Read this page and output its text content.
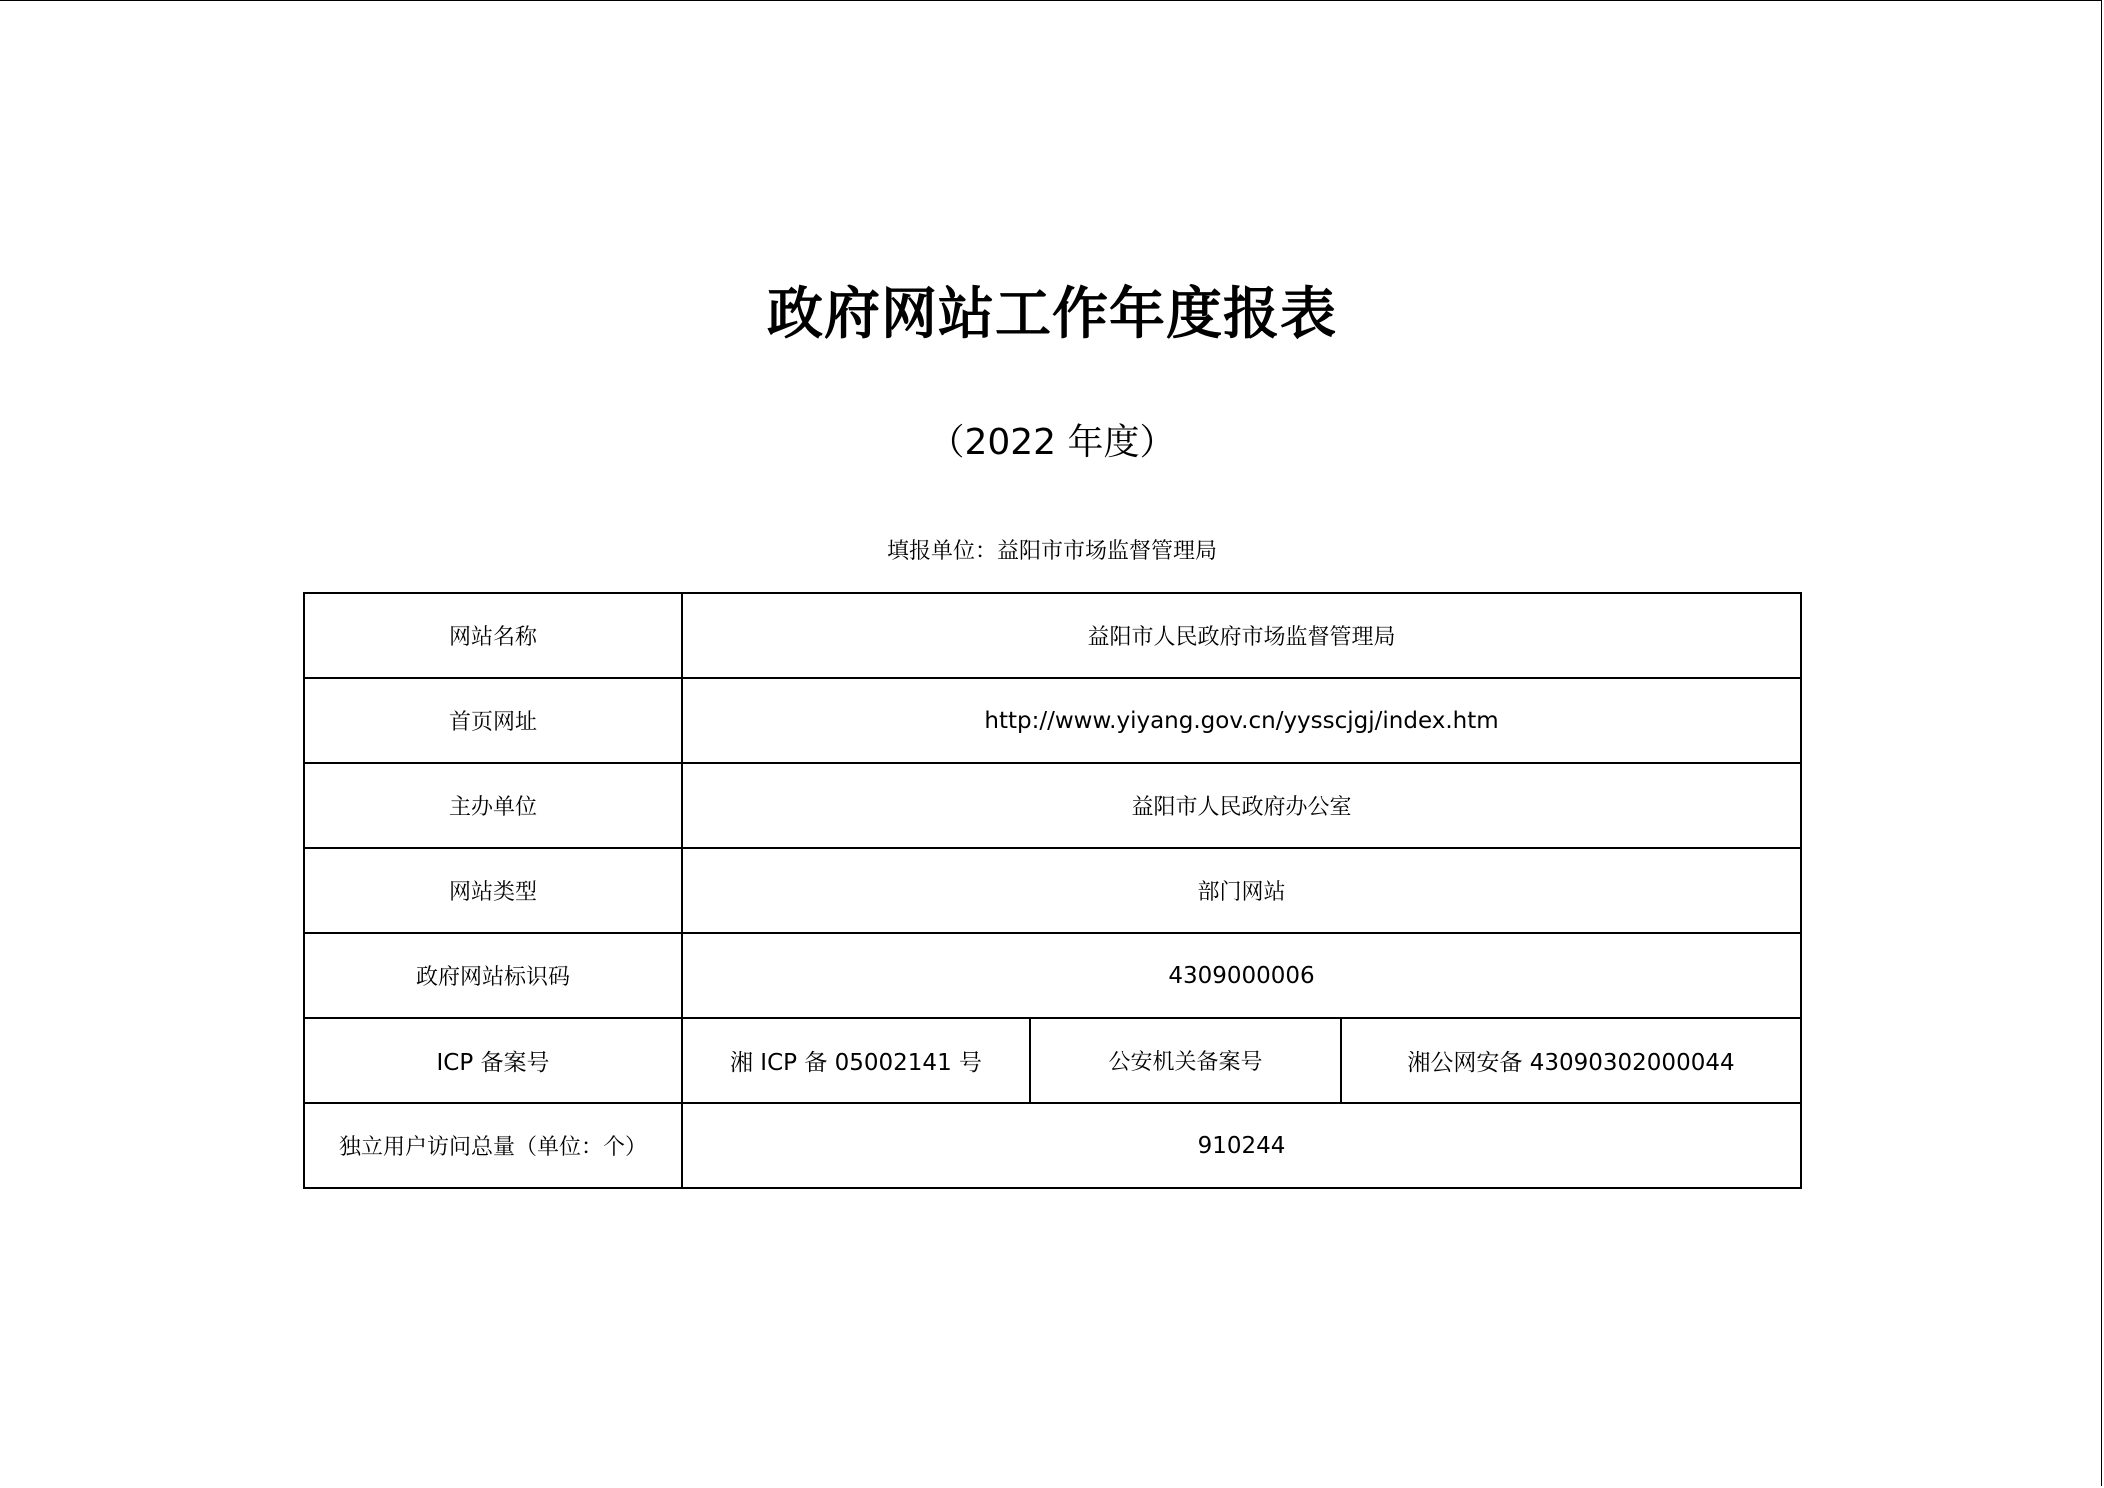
政府网站工作年度报表
（2022 年度）
填报单位：益阳市市场监督管理局
网站名称	益阳市人民政府市场监督管理局		
首页网址	http://www.yiyang.gov.cn/yysscjgj/index.htm		
主办单位	益阳市人民政府办公室		
网站类型	部门网站		
政府网站标识码	4309000006		
ICP 备案号	湘 ICP 备 05002141 号	公安机关备案号	湘公网安备 43090302000044
独立用户访问总量（单位：个）	910244		
